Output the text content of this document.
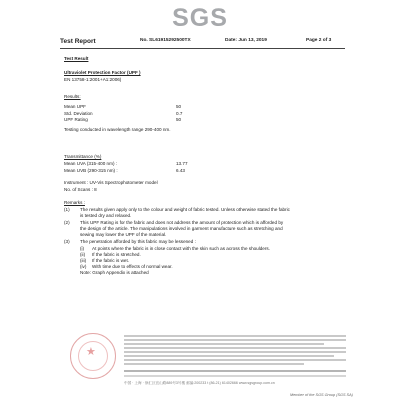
SGS
Test Report	No. SL61915292500TX	Date: Jun 13, 2019	Page 2 of 3
Test Result
Ultraviolet Protection Factor (UPF )
EN 13758-1:2001+A1:2006)
Results:
Mean UPF	50
Std. Deviation	0.7
UPF Rating	50
Testing conducted in wavelength range 290-400 nm.
Transmittance (%)
Mean UVA (315-400 nm) :	13.77
Mean UVB (290-315 nm) :	6.43
Instrument : UV-Vis Spectrophotometer model
No. of Scans : 8
Remarks :
(1) The results given apply only to the colour and weight of fabric tested. Unless otherwise stated the fabric
is tested dry and relaxed.
(2) This UPF Rating is for the fabric and does not address the amount of protection which is afforded by
the design of the article. The manipulations involved in garment manufacture such as stretching and
sewing may lower the UPF of the material.
(3) The penetration afforded by this fabric may be lessened :
(i) At points where the fabric is in close contact with the skin such as across the shoulders.
(ii) If the fabric is stretched.
(iii) If the fabric is wet.
(iv) With time due to effects of normal wear.
Note: Graph Appendix is attached
★
中国 · 上海 · 徐汇区宜山路889号3号楼 邮编:200233 t (86-21) 61402666 www.sgsgroup.com.cn
Member of the SGS Group (SGS SA)
